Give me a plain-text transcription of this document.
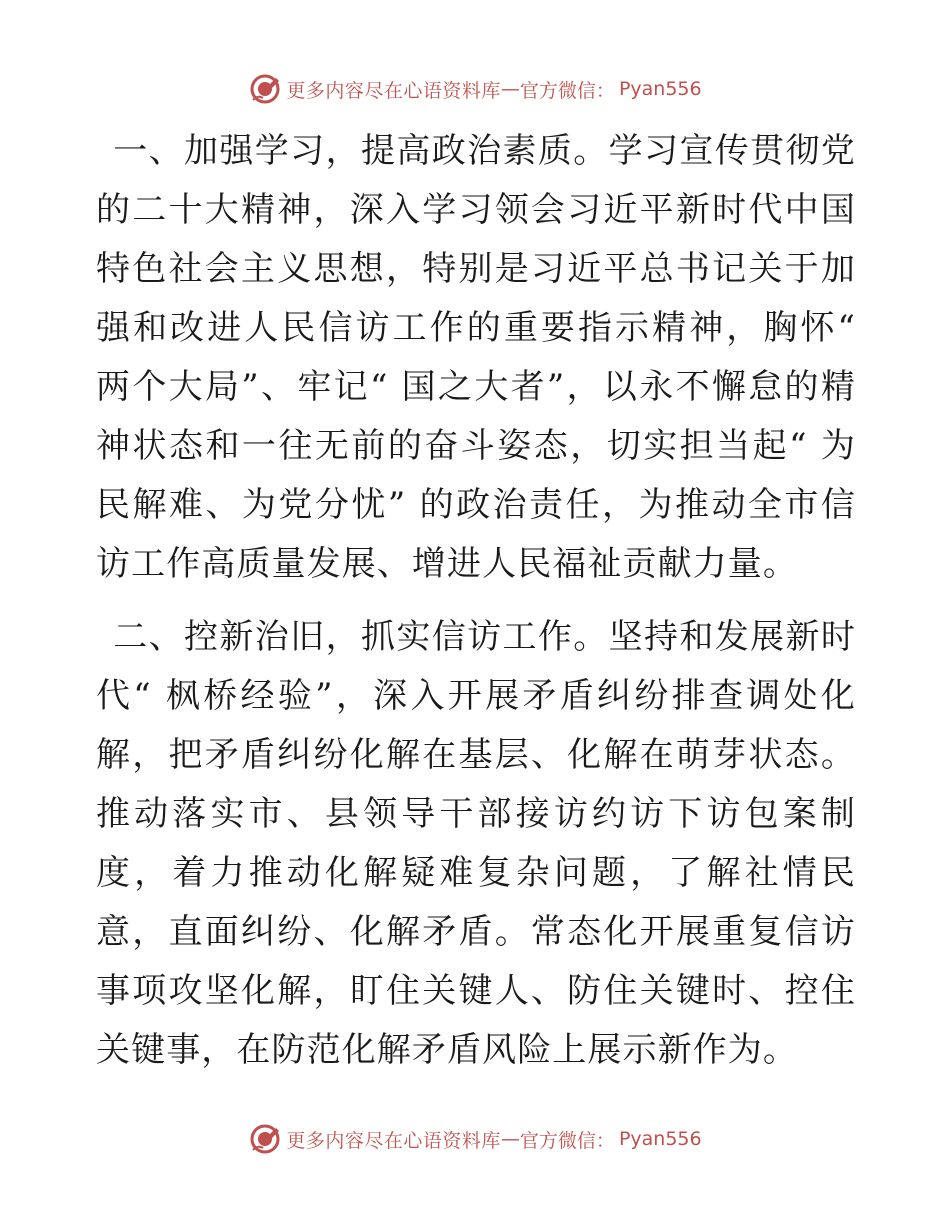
更多内容尽在心语资料库 — 官方微信： Pyan556

一、加强学习，提高政治素质。学习宣传贯彻党的二十大精神，深入学习领会习近平新时代中国特色社会主义思想，特别是习近平总书记关于加强和改进人民信访工作的重要指示精神，胸怀“ 两个大局”、牢记“ 国之大者”，以永不懈怠的精神状态和一往无前的奋斗姿态，切实担当起“ 为民解难、为党分忧” 的政治责任，为推动全市信访工作高质量发展、增进人民福祉贡献力量。

二、控新治旧，抓实信访工作。坚持和发展新时代“ 枫桥经验”，深入开展矛盾纠纷排查调处化解，把矛盾纠纷化解在基层、化解在萌芽状态。推动落实市、县领导干部接访约访下访包案制度，着力推动化解疑难复杂问题，了解社情民意，直面纠纷、化解矛盾。常态化开展重复信访事项攻坚化解，盯住关键人、防住关键时、控住关键事，在防范化解矛盾风险上展示新作为。

更多内容尽在心语资料库 — 官方微信： Pyan556
